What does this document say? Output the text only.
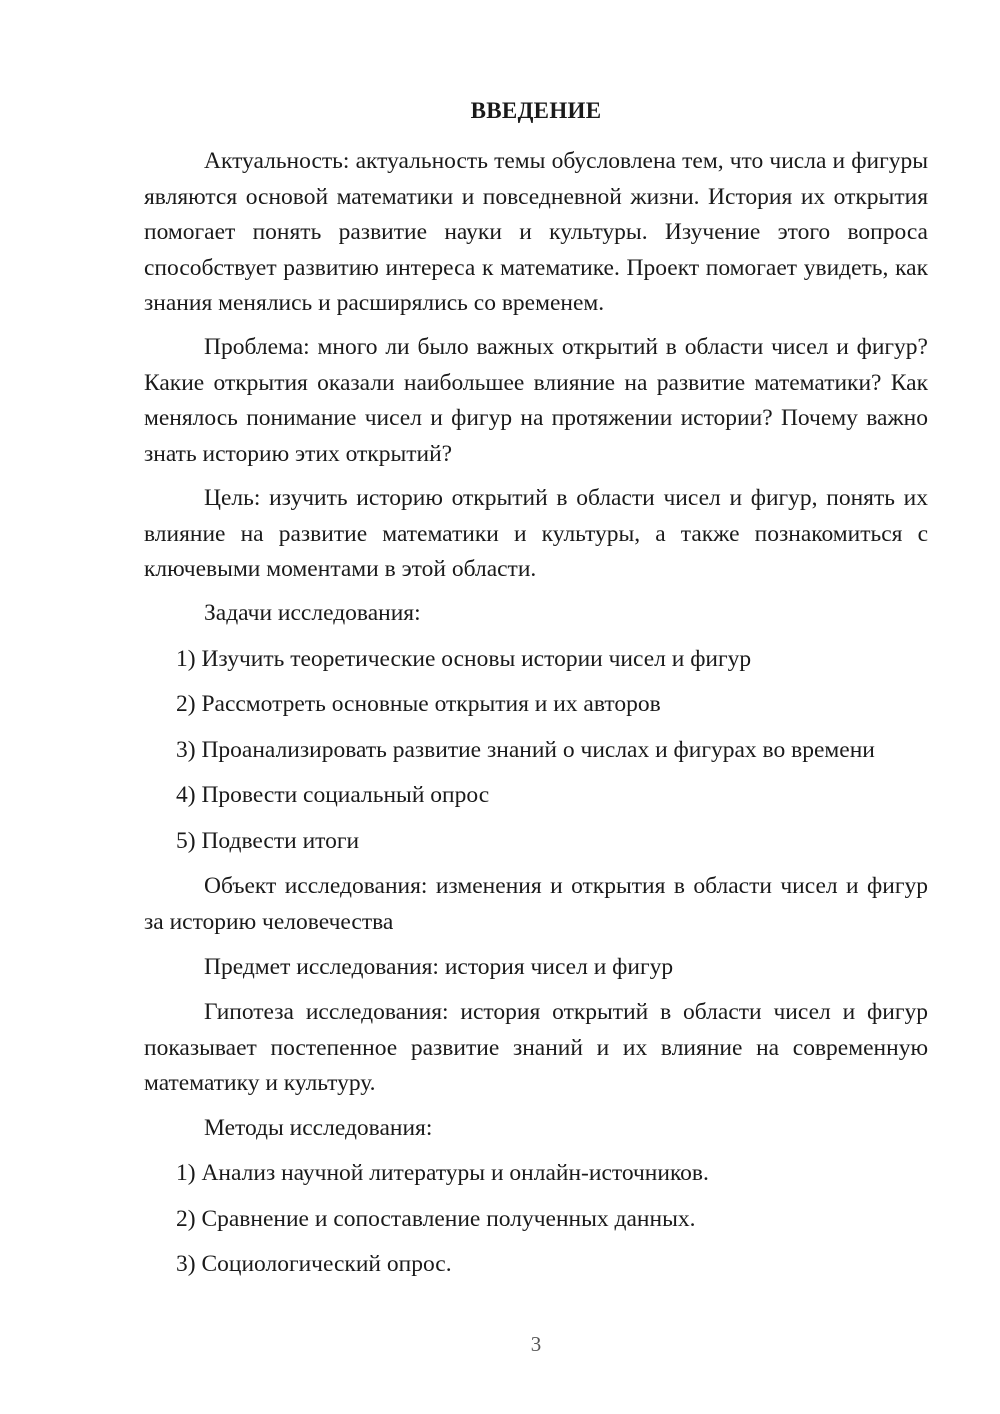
ВВЕДЕНИЕ

Актуальность: актуальность темы обусловлена тем, что числа и фигуры являются основой математики и повседневной жизни. История их открытия помогает понять развитие науки и культуры. Изучение этого вопроса способствует развитию интереса к математике. Проект помогает увидеть, как знания менялись и расширялись со временем.

Проблема: много ли было важных открытий в области чисел и фигур? Какие открытия оказали наибольшее влияние на развитие математики? Как менялось понимание чисел и фигур на протяжении истории? Почему важно знать историю этих открытий?

Цель: изучить историю открытий в области чисел и фигур, понять их влияние на развитие математики и культуры, а также познакомиться с ключевыми моментами в этой области.

Задачи исследования:

1) Изучить теоретические основы истории чисел и фигур

2) Рассмотреть основные открытия и их авторов

3) Проанализировать развитие знаний о числах и фигурах во времени

4) Провести социальный опрос

5) Подвести итоги

Объект исследования: изменения и открытия в области чисел и фигур за историю человечества

Предмет исследования: история чисел и фигур

Гипотеза исследования: история открытий в области чисел и фигур показывает постепенное развитие знаний и их влияние на современную математику и культуру.

Методы исследования:

1) Анализ научной литературы и онлайн-источников.

2) Сравнение и сопоставление полученных данных.

3) Социологический опрос.

3
